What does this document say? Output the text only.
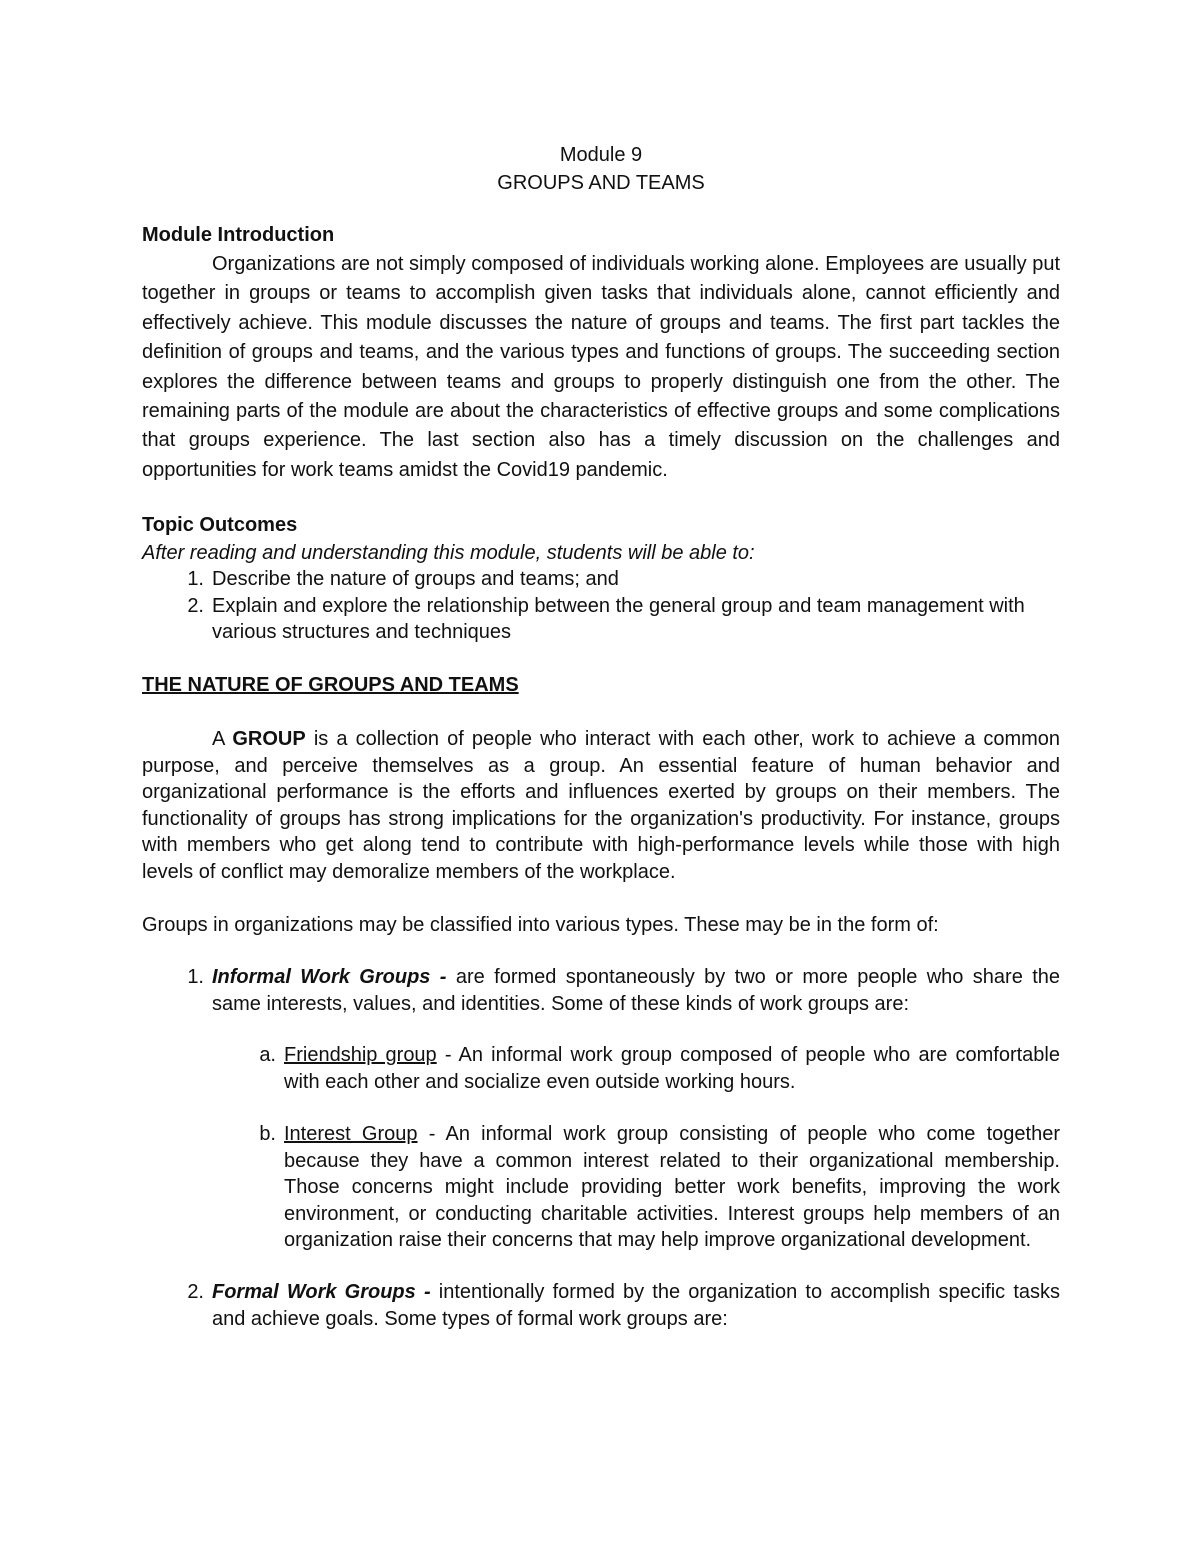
Module 9

GROUPS AND TEAMS

Module Introduction

Organizations are not simply composed of individuals working alone. Employees are usually put together in groups or teams to accomplish given tasks that individuals alone, cannot efficiently and effectively achieve. This module discusses the nature of groups and teams. The first part tackles the definition of groups and teams, and the various types and functions of groups. The succeeding section explores the difference between teams and groups to properly distinguish one from the other. The remaining parts of the module are about the characteristics of effective groups and some complications that groups experience. The last section also has a timely discussion on the challenges and opportunities for work teams amidst the Covid19 pandemic.

Topic Outcomes

After reading and understanding this module, students will be able to:

1. Describe the nature of groups and teams; and
2. Explain and explore the relationship between the general group and team management with various structures and techniques

THE NATURE OF GROUPS AND TEAMS

A GROUP is a collection of people who interact with each other, work to achieve a common purpose, and perceive themselves as a group. An essential feature of human behavior and organizational performance is the efforts and influences exerted by groups on their members. The functionality of groups has strong implications for the organization's productivity. For instance, groups with members who get along tend to contribute with high-performance levels while those with high levels of conflict may demoralize members of the workplace.

Groups in organizations may be classified into various types. These may be in the form of:

1. Informal Work Groups - are formed spontaneously by two or more people who share the same interests, values, and identities. Some of these kinds of work groups are:
a. Friendship group - An informal work group composed of people who are comfortable with each other and socialize even outside working hours.
b. Interest Group - An informal work group consisting of people who come together because they have a common interest related to their organizational membership. Those concerns might include providing better work benefits, improving the work environment, or conducting charitable activities. Interest groups help members of an organization raise their concerns that may help improve organizational development.
2. Formal Work Groups - intentionally formed by the organization to accomplish specific tasks and achieve goals. Some types of formal work groups are:
